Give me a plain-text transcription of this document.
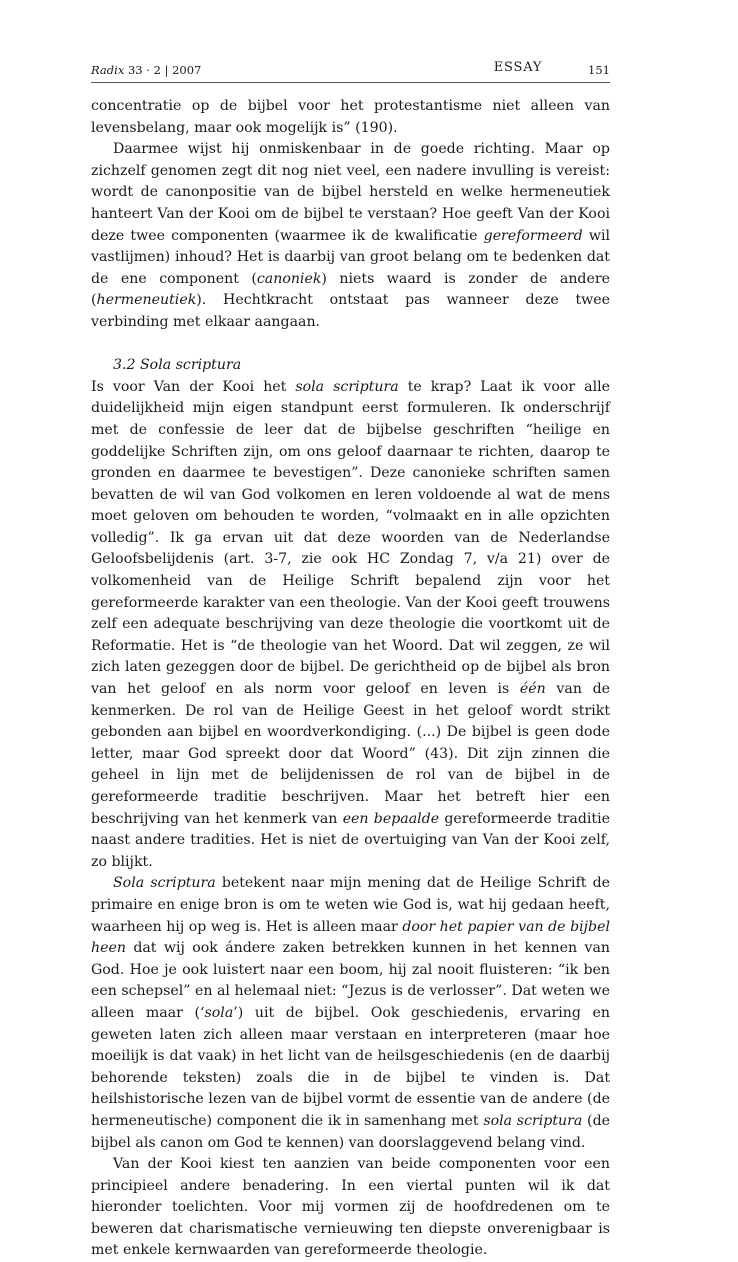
Radix 33 · 2 | 2007	ESSAY	151

concentratie op de bijbel voor het protestantisme niet alleen van levensbelang, maar ook mogelijk is” (190).

Daarmee wijst hij onmiskenbaar in de goede richting. Maar op zichzelf genomen zegt dit nog niet veel, een nadere invulling is vereist: wordt de canonpositie van de bijbel hersteld en welke hermeneutiek hanteert Van der Kooi om de bijbel te verstaan? Hoe geeft Van der Kooi deze twee componenten (waarmee ik de kwalificatie gereformeerd wil vastlijmen) inhoud? Het is daarbij van groot belang om te bedenken dat de ene component (canoniek) niets waard is zonder de andere (hermeneutiek). Hechtkracht ontstaat pas wanneer deze twee verbinding met elkaar aangaan.

3.2 Sola scriptura

Is voor Van der Kooi het sola scriptura te krap? Laat ik voor alle duidelijkheid mijn eigen standpunt eerst formuleren. Ik onderschrijf met de confessie de leer dat de bijbelse geschriften “heilige en goddelijke Schriften zijn, om ons geloof daarnaar te richten, daarop te gronden en daarmee te bevestigen”. Deze canonieke schriften samen bevatten de wil van God volkomen en leren voldoende al wat de mens moet geloven om behouden te worden, “volmaakt en in alle opzichten volledig”. Ik ga ervan uit dat deze woorden van de Nederlandse Geloofsbelijdenis (art. 3-7, zie ook HC Zondag 7, v/a 21) over de volkomenheid van de Heilige Schrift bepalend zijn voor het gereformeerde karakter van een theologie. Van der Kooi geeft trouwens zelf een adequate beschrijving van deze theologie die voortkomt uit de Reformatie. Het is “de theologie van het Woord. Dat wil zeggen, ze wil zich laten gezeggen door de bijbel. De gerichtheid op de bijbel als bron van het geloof en als norm voor geloof en leven is één van de kenmerken. De rol van de Heilige Geest in het geloof wordt strikt gebonden aan bijbel en woordverkondiging. (...) De bijbel is geen dode letter, maar God spreekt door dat Woord” (43). Dit zijn zinnen die geheel in lijn met de belijdenissen de rol van de bijbel in de gereformeerde traditie beschrijven. Maar het betreft hier een beschrijving van het kenmerk van een bepaalde gereformeerde traditie naast andere tradities. Het is niet de overtuiging van Van der Kooi zelf, zo blijkt.

Sola scriptura betekent naar mijn mening dat de Heilige Schrift de primaire en enige bron is om te weten wie God is, wat hij gedaan heeft, waarheen hij op weg is. Het is alleen maar door het papier van de bijbel heen dat wij ook ándere zaken betrekken kunnen in het kennen van God. Hoe je ook luistert naar een boom, hij zal nooit fluisteren: “ik ben een schepsel” en al helemaal niet: “Jezus is de verlosser”. Dat weten we alleen maar (‘sola’) uit de bijbel. Ook geschiedenis, ervaring en geweten laten zich alleen maar verstaan en interpreteren (maar hoe moeilijk is dat vaak) in het licht van de heilsgeschiedenis (en de daarbij behorende teksten) zoals die in de bijbel te vinden is. Dat heilshistorische lezen van de bijbel vormt de essentie van de andere (de hermeneutische) component die ik in samenhang met sola scriptura (de bijbel als canon om God te kennen) van doorslaggevend belang vind.

Van der Kooi kiest ten aanzien van beide componenten voor een principieel andere benadering. In een viertal punten wil ik dat hieronder toelichten. Voor mij vormen zij de hoofdredenen om te beweren dat charismatische vernieuwing ten diepste onverenigbaar is met enkele kernwaarden van gereformeerde theologie.
